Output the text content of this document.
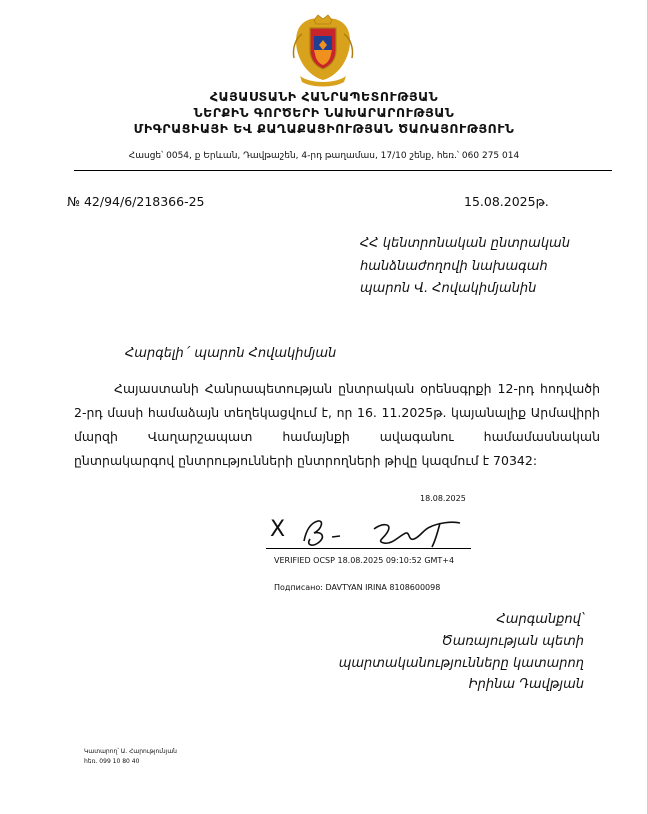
ՀԱՅԱՍՏԱՆԻ ՀԱՆՐԱՊԵՏՈՒԹՅԱՆ
ՆԵՐՔԻՆ ԳՈՐԾԵՐԻ ՆԱԽԱՐԱՐՈՒԹՅԱՆ
ՄԻԳՐԱՑԻԱՅԻ ԵՎ ՔԱՂԱՔԱՑԻՈՒԹՅԱՆ ԾԱՌԱՅՈՒԹՅՈՒՆ
Հասցե՝ 0054, ք Երևան, Դավթաշեն, 4-րդ թաղամաս, 17/10 շենք, հեռ.՝ 060 275 014
№ 42/94/6/218366-25	15.08.2025թ.
ՀՀ կենտրոնական ընտրական
հանձնաժողովի նախագահ
պարոն Վ. Հովակիմյանին
Հարգելի´ պարոն Հովակիմյան
Հայաստանի Հանրապետության ընտրական օրենսգրքի 12-րդ հոդվածի 2-րդ մասի համաձայն տեղեկացվում է, որ 16. 11.2025թ. կայանալիք Արմավիրի մարզի Վաղարշապատ համայնքի ավագանու համամասնական ընտրակարգով ընտրությունների ընտրողների թիվը կազմում է 70342:
18.08.2025
X
VERIFIED OCSP 18.08.2025 09:10:52 GMT+4
Подписано: DAVTYAN IRINA 8108600098
Հարգանքով՝
Ծառայության պետի
պարտականությունները կատարող
Իրինա Դավթյան
Կատարող՝ Ա. Հարությունյան
հեռ. 099 10 80 40
